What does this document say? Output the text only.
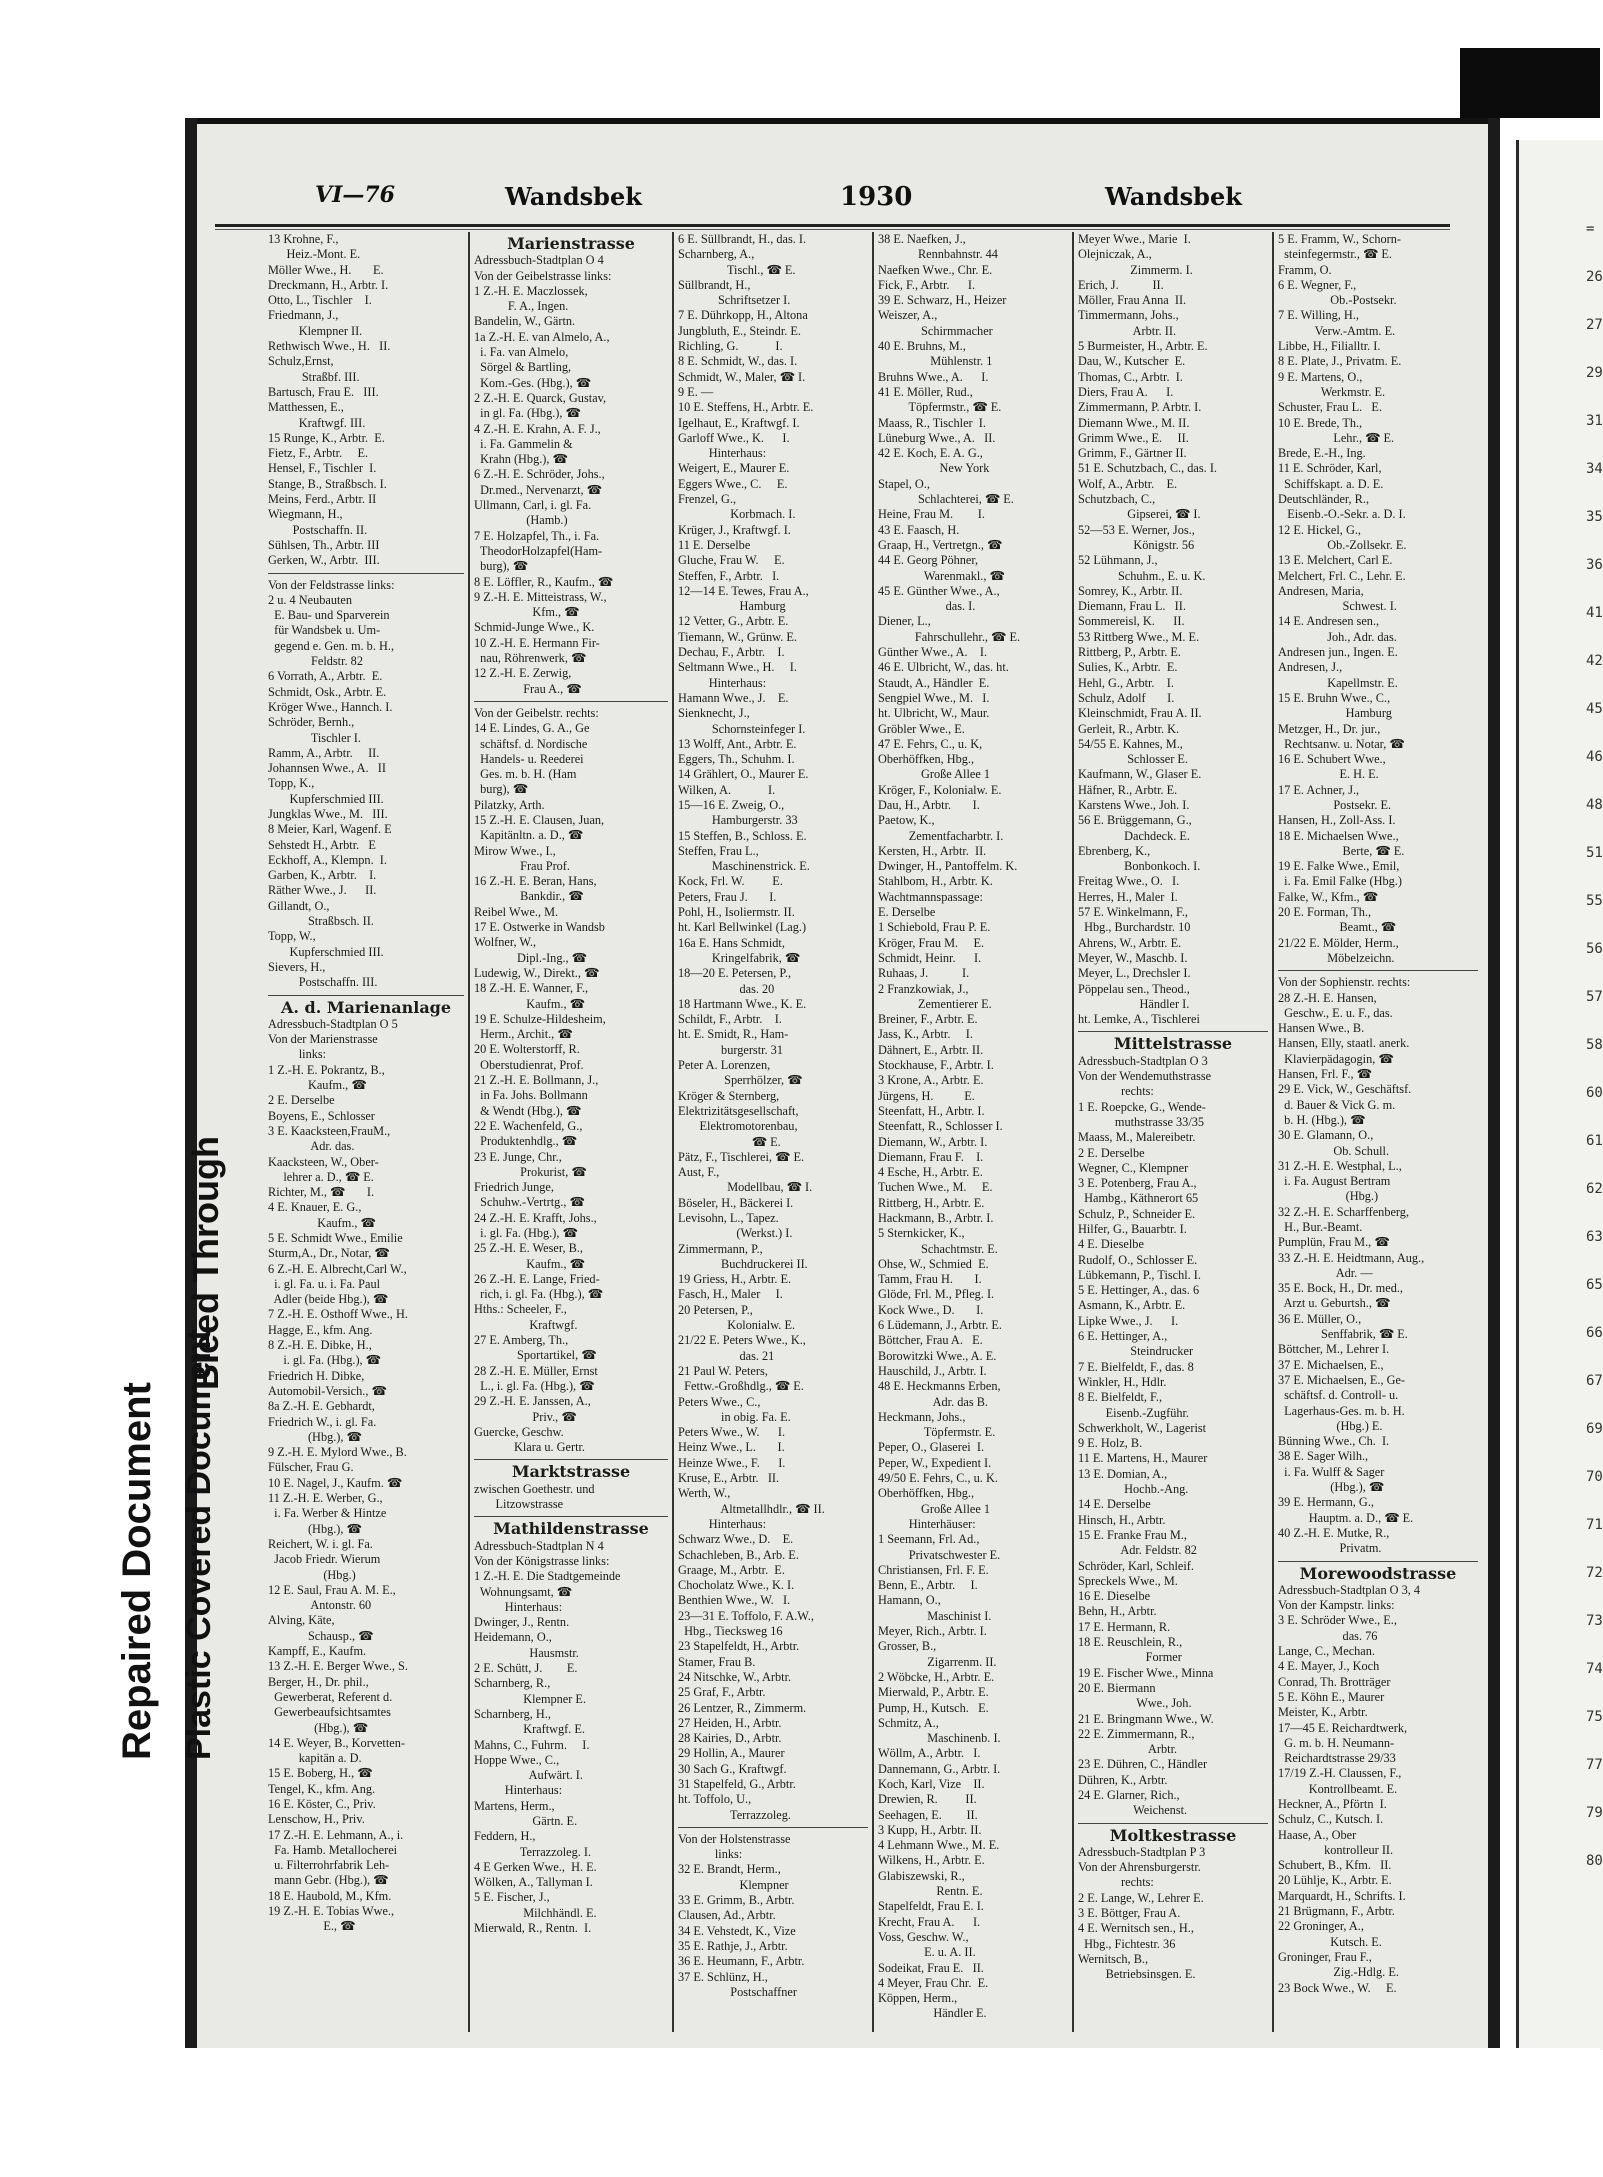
=
26
27
29
31
34
35
36
41
42
45
46
48
51
55
56
57
58
60
61
62
63
65
66
67
69
70
71
72
73
74
75
77
79
80
VI—76	Wandsbek	1930	Wandsbek
13 Krohne, F.,
Heiz.-Mont. E.
Möller Wwe., H.       E.
Dreckmann, H., Arbtr. I.
Otto, L., Tischler    I.
Friedmann, J.,
Klempner II.
Rethwisch Wwe., H.   II.
Schulz,Ernst,
Straßbf. III.
Bartusch, Frau E.   III.
Matthessen, E.,
Kraftwgf. III.
15 Runge, K., Arbtr.  E.
Fietz, F., Arbtr.     E.
Hensel, F., Tischler  I.
Stange, B., Straßbsch. I.
Meins, Ferd., Arbtr. II
Wiegmann, H.,
Postschaffn. II.
Sühlsen, Th., Arbtr. III
Gerken, W., Arbtr.  III.
Von der Feldstrasse links:
2 u. 4 Neubauten
E. Bau- und Sparverein
für Wandsbek u. Um-
gegend e. Gen. m. b. H.,
Feldstr. 82
6 Vorrath, A., Arbtr.  E.
Schmidt, Osk., Arbtr. E.
Kröger Wwe., Hannch. I.
Schröder, Bernh.,
Tischler I.
Ramm, A., Arbtr.     II.
Johannsen Wwe., A.   II
Topp, K.,
Kupferschmied III.
Jungklas Wwe., M.   III.
8 Meier, Karl, Wagenf. E
Sehstedt H., Arbtr.   E
Eckhoff, A., Klempn.  I.
Garben, K., Arbtr.    I.
Räther Wwe., J.      II.
Gillandt, O.,
Straßbsch. II.
Topp, W.,
Kupferschmied III.
Sievers, H.,
Postschaffn. III.
A. d. Marienanlage
Adressbuch-Stadtplan O 5
Von der Marienstrasse
links:
1 Z.-H. E. Pokrantz, B.,
Kaufm., ☎
2 E. Derselbe
Boyens, E., Schlosser
3 E. Kaacksteen,FrauM.,
Adr. das.
Kaacksteen, W., Ober-
lehrer a. D., ☎ E.
Richter, M., ☎       I.
4 E. Knauer, E. G.,
Kaufm., ☎
5 E. Schmidt Wwe., Emilie
Sturm,A., Dr., Notar, ☎
6 Z.-H. E. Albrecht,Carl W.,
i. gl. Fa. u. i. Fa. Paul
Adler (beide Hbg.), ☎
7 Z.-H. E. Osthoff Wwe., H.
Hagge, E., kfm. Ang.
8 Z.-H. E. Dibke, H.,
i. gl. Fa. (Hbg.), ☎
Friedrich H. Dibke,
Automobil-Versich., ☎
8a Z.-H. E. Gebhardt,
Friedrich W., i. gl. Fa.
(Hbg.), ☎
9 Z.-H. E. Mylord Wwe., B.
Fülscher, Frau G.
10 E. Nagel, J., Kaufm. ☎
11 Z.-H. E. Werber, G.,
i. Fa. Werber & Hintze
(Hbg.), ☎
Reichert, W. i. gl. Fa.
Jacob Friedr. Wierum
(Hbg.)
12 E. Saul, Frau A. M. E.,
Antonstr. 60
Alving, Käte,
Schausp., ☎
Kampff, E., Kaufm.
13 Z.-H. E. Berger Wwe., S.
Berger, H., Dr. phil.,
Gewerberat, Referent d.
Gewerbeaufsichtsamtes
(Hbg.), ☎
14 E. Weyer, B., Korvetten-
kapitän a. D.
15 E. Boberg, H., ☎
Tengel, K., kfm. Ang.
16 E. Köster, C., Priv.
Lenschow, H., Priv.
17 Z.-H. E. Lehmann, A., i.
Fa. Hamb. Metallocherei
u. Filterrohrfabrik Leh-
mann Gebr. (Hbg.), ☎
18 E. Haubold, M., Kfm.
19 Z.-H. E. Tobias Wwe.,
E., ☎
Marienstrasse
Adressbuch-Stadtplan O 4
Von der Geibelstrasse links:
1 Z.-H. E. Maczlossek,
F. A., Ingen.
Bandelin, W., Gärtn.
1a Z.-H. E. van Almelo, A.,
i. Fa. van Almelo,
Sörgel & Bartling,
Kom.-Ges. (Hbg.), ☎
2 Z.-H. E. Quarck, Gustav,
in gl. Fa. (Hbg.), ☎
4 Z.-H. E. Krahn, A. F. J.,
i. Fa. Gammelin &
Krahn (Hbg.), ☎
6 Z.-H. E. Schröder, Johs.,
Dr.med., Nervenarzt, ☎
Ullmann, Carl, i. gl. Fa.
(Hamb.)
7 E. Holzapfel, Th., i. Fa.
TheodorHolzapfel(Ham-
burg), ☎
8 E. Löffler, R., Kaufm., ☎
9 Z.-H. E. Mitteistrass, W.,
Kfm., ☎
Schmid-Junge Wwe., K.
10 Z.-H. E. Hermann Fir-
nau, Röhrenwerk, ☎
12 Z.-H. E. Zerwig,
Frau A., ☎
Von der Geibelstr. rechts:
14 E. Lindes, G. A., Ge
schäftsf. d. Nordische
Handels- u. Reederei
Ges. m. b. H. (Ham
burg), ☎
Pilatzky, Arth.
15 Z.-H. E. Clausen, Juan,
Kapitänltn. a. D., ☎
Mirow Wwe., I.,
Frau Prof.
16 Z.-H. E. Beran, Hans,
Bankdir., ☎
Reibel Wwe., M.
17 E. Ostwerke in Wandsb
Wolfner, W.,
Dipl.-Ing., ☎
Ludewig, W., Direkt., ☎
18 Z.-H. E. Wanner, F.,
Kaufm., ☎
19 E. Schulze-Hildesheim,
Herm., Archit., ☎
20 E. Wolterstorff, R.
Oberstudienrat, Prof.
21 Z.-H. E. Bollmann, J.,
in Fa. Johs. Bollmann
& Wendt (Hbg.), ☎
22 E. Wachenfeld, G.,
Produktenhdlg., ☎
23 E. Junge, Chr.,
Prokurist, ☎
Friedrich Junge,
Schuhw.-Vertrtg., ☎
24 Z.-H. E. Krafft, Johs.,
i. gl. Fa. (Hbg.), ☎
25 Z.-H. E. Weser, B.,
Kaufm., ☎
26 Z.-H. E. Lange, Fried-
rich, i. gl. Fa. (Hbg.), ☎
Hths.: Scheeler, F.,
Kraftwgf.
27 E. Amberg, Th.,
Sportartikel, ☎
28 Z.-H. E. Müller, Ernst
L., i. gl. Fa. (Hbg.), ☎
29 Z.-H. E. Janssen, A.,
Priv., ☎
Guercke, Geschw.
Klara u. Gertr.
Marktstrasse
zwischen Goethestr. und
Litzowstrasse
Mathildenstrasse
Adressbuch-Stadtplan N 4
Von der Königstrasse links:
1 Z.-H. E. Die Stadtgemeinde
Wohnungsamt, ☎
Hinterhaus:
Dwinger, J., Rentn.
Heidemann, O.,
Hausmstr.
2 E. Schütt, J.        E.
Scharnberg, R.,
Klempner E.
Scharnberg, H.,
Kraftwgf. E.
Mahns, C., Fuhrm.     I.
Hoppe Wwe., C.,
Aufwärt. I.
Hinterhaus:
Martens, Herm.,
Gärtn. E.
Feddern, H.,
Terrazzoleg. I.
4 E Gerken Wwe.,  H. E.
Wölken, A., Tallyman I.
5 E. Fischer, J.,
Milchhändl. E.
Mierwald, R., Rentn.  I.
6 E. Süllbrandt, H., das. I.
Scharnberg, A.,
Tischl., ☎ E.
Süllbrandt, H.,
Schriftsetzer I.
7 E. Dührkopp, H., Altona
Jungbluth, E., Steindr. E.
Richling, G.            I.
8 E. Schmidt, W., das. I.
Schmidt, W., Maler, ☎ I.
9 E. —
10 E. Steffens, H., Arbtr. E.
Igelhaut, E., Kraftwgf. I.
Garloff Wwe., K.      I.
Hinterhaus:
Weigert, E., Maurer E.
Eggers Wwe., C.     E.
Frenzel, G.,
Korbmach. I.
Krüger, J., Kraftwgf. I.
11 E. Derselbe
Gluche, Frau W.     E.
Steffen, F., Arbtr.   I.
12—14 E. Tewes, Frau A.,
Hamburg
12 Vetter, G., Arbtr. E.
Tiemann, W., Grünw. E.
Dechau, F., Arbtr.    I.
Seltmann Wwe., H.     I.
Hinterhaus:
Hamann Wwe., J.    E.
Sienknecht, J.,
Schornsteinfeger I.
13 Wolff, Ant., Arbtr. E.
Eggers, Th., Schuhm. I.
14 Grählert, O., Maurer E.
Wilken, A.            I.
15—16 E. Zweig, O.,
Hamburgerstr. 33
15 Steffen, B., Schloss. E.
Steffen, Frau L.,
Maschinenstrick. E.
Kock, Frl. W.         E.
Peters, Frau J.       I.
Pohl, H., Isoliermstr. II.
ht. Karl Bellwinkel (Lag.)
16a E. Hans Schmidt,
Kringelfabrik, ☎
18—20 E. Petersen, P.,
das. 20
18 Hartmann Wwe., K. E.
Schildt, F., Arbtr.    I.
ht. E. Smidt, R., Ham-
burgerstr. 31
Peter A. Lorenzen,
Sperrhölzer, ☎
Kröger & Sternberg,
Elektrizitätsgesellschaft,
Elektromotorenbau,
☎ E.
Pätz, F., Tischlerei, ☎ E.
Aust, F.,
Modellbau, ☎ I.
Böseler, H., Bäckerei I.
Levisohn, L., Tapez.
(Werkst.) I.
Zimmermann, P.,
Buchdruckerei II.
19 Griess, H., Arbtr. E.
Fasch, H., Maler     I.
20 Petersen, P.,
Kolonialw. E.
21/22 E. Peters Wwe., K.,
das. 21
21 Paul W. Peters,
Fettw.-Großhdlg., ☎ E.
Peters Wwe., C.,
in obig. Fa. E.
Peters Wwe., W.      I.
Heinz Wwe., L.       I.
Heinze Wwe., F.      I.
Kruse, E., Arbtr.   II.
Werth, W.,
Altmetallhdlr., ☎ II.
Hinterhaus:
Schwarz Wwe., D.    E.
Schachleben, B., Arb. E.
Graage, M., Arbtr.  E.
Chocholatz Wwe., K. I.
Benthien Wwe., W.   I.
23—31 E. Toffolo, F. A.W.,
Hbg., Tiecksweg 16
23 Stapelfeldt, H., Arbtr.
Stamer, Frau B.
24 Nitschke, W., Arbtr.
25 Graf, F., Arbtr.
26 Lentzer, R., Zimmerm.
27 Heiden, H., Arbtr.
28 Kairies, D., Arbtr.
29 Hollin, A., Maurer
30 Sach G., Kraftwgf.
31 Stapelfeld, G., Arbtr.
ht. Toffolo, U.,
Terrazzoleg.
Von der Holstenstrasse
links:
32 E. Brandt, Herm.,
Klempner
33 E. Grimm, B., Arbtr.
Clausen, Ad., Arbtr.
34 E. Vehstedt, K., Vize
35 E. Rathje, J., Arbtr.
36 E. Heumann, F., Arbtr.
37 E. Schlünz, H.,
Postschaffner
38 E. Naefken, J.,
Rennbahnstr. 44
Naefken Wwe., Chr. E.
Fick, F., Arbtr.      I.
39 E. Schwarz, H., Heizer
Weiszer, A.,
Schirmmacher
40 E. Bruhns, M.,
Mühlenstr. 1
Bruhns Wwe., A.      I.
41 E. Möller, Rud.,
Töpfermstr., ☎ E.
Maass, R., Tischler  I.
Lüneburg Wwe., A.   II.
42 E. Koch, E. A. G.,
New York
Stapel, O.,
Schlachterei, ☎ E.
Heine, Frau M.        I.
43 E. Faasch, H.
Graap, H., Vertretgn., ☎
44 E. Georg Pöhner,
Warenmakl., ☎
45 E. Günther Wwe., A.,
das. I.
Diener, L.,
Fahrschullehr., ☎ E.
Günther Wwe., A.    I.
46 E. Ulbricht, W., das. ht.
Staudt, A., Händler  E.
Sengpiel Wwe., M.   I.
ht. Ulbricht, W., Maur.
Gröbler Wwe., E.
47 E. Fehrs, C., u. K,
Oberhöffken, Hbg.,
Große Allee 1
Kröger, F., Kolonialw. E.
Dau, H., Arbtr.       I.
Paetow, K.,
Zementfacharbtr. I.
Kersten, H., Arbtr.  II.
Dwinger, H., Pantoffelm. K.
Stahlbom, H., Arbtr. K.
Wachtmannspassage:
E. Derselbe
1 Schiebold, Frau P. E.
Kröger, Frau M.     E.
Schmidt, Heinr.      I.
Ruhaas, J.           I.
2 Franzkowiak, J.,
Zementierer E.
Breiner, F., Arbtr. E.
Jass, K., Arbtr.     I.
Dähnert, E., Arbtr. II.
Stockhause, F., Arbtr. I.
3 Krone, A., Arbtr. E.
Jürgens, H.          E.
Steenfatt, H., Arbtr. I.
Steenfatt, R., Schlosser I.
Diemann, W., Arbtr. I.
Diemann, Frau F.    I.
4 Esche, H., Arbtr. E.
Tuchen Wwe., M.     E.
Rittberg, H., Arbtr. E.
Hackmann, B., Arbtr. I.
5 Sternkicker, K.,
Schachtmstr. E.
Ohse, W., Schmied  E.
Tamm, Frau H.       I.
Glöde, Frl. M., Pfleg. I.
Kock Wwe., D.       I.
6 Lüdemann, J., Arbtr. E.
Böttcher, Frau A.   E.
Borowitzki Wwe., A. E.
Hauschild, J., Arbtr. I.
48 E. Heckmanns Erben,
Adr. das B.
Heckmann, Johs.,
Töpfermstr. E.
Peper, O., Glaserei  I.
Peper, W., Expedient I.
49/50 E. Fehrs, C., u. K.
Oberhöffken, Hbg.,
Große Allee 1
Hinterhäuser:
1 Seemann, Frl. Ad.,
Privatschwester E.
Christiansen, Frl. F. E.
Benn, E., Arbtr.     I.
Hamann, O.,
Maschinist I.
Meyer, Rich., Arbtr. I.
Grosser, B.,
Zigarrenm. II.
2 Wöbcke, H., Arbtr. E.
Mierwald, P., Arbtr. E.
Pump, H., Kutsch.   E.
Schmitz, A.,
Maschinenb. I.
Wöllm, A., Arbtr.   I.
Dannemann, G., Arbtr. I.
Koch, Karl, Vize    II.
Drewien, R.         II.
Seehagen, E.        II.
3 Kupp, H., Arbtr. II.
4 Lehmann Wwe., M. E.
Wilkens, H., Arbtr. E.
Glabiszewski, R.,
Rentn. E.
Stapelfeldt, Frau E. I.
Krecht, Frau A.      I.
Voss, Geschw. W.,
E. u. A. II.
Sodeikat, Frau E.   II.
4 Meyer, Frau Chr.  E.
Köppen, Herm.,
Händler E.
Meyer Wwe., Marie  I.
Olejniczak, A.,
Zimmerm. I.
Erich, J.           II.
Möller, Frau Anna  II.
Timmermann, Johs.,
Arbtr. II.
5 Burmeister, H., Arbtr. E.
Dau, W., Kutscher  E.
Thomas, C., Arbtr.  I.
Diers, Frau A.      I.
Zimmermann, P. Arbtr. I.
Diemann Wwe., M. II.
Grimm Wwe., E.     II.
Grimm, F., Gärtner II.
51 E. Schutzbach, C., das. I.
Wolf, A., Arbtr.    E.
Schutzbach, C.,
Gipserei, ☎ I.
52—53 E. Werner, Jos.,
Königstr. 56
52 Lühmann, J.,
Schuhm., E. u. K.
Somrey, K., Arbtr. II.
Diemann, Frau L.   II.
Sommereisl, K.      II.
53 Rittberg Wwe., M. E.
Rittberg, P., Arbtr. E.
Sulies, K., Arbtr.  E.
Hehl, G., Arbtr.    I.
Schulz, Adolf       I.
Kleinschmidt, Frau A. II.
Gerleit, R., Arbtr. K.
54/55 E. Kahnes, M.,
Schlosser E.
Kaufmann, W., Glaser E.
Häfner, R., Arbtr. E.
Karstens Wwe., Joh. I.
56 E. Brüggemann, G.,
Dachdeck. E.
Ebrenberg, K.,
Bonbonkoch. I.
Freitag Wwe., O.   I.
Herres, H., Maler  I.
57 E. Winkelmann, F.,
Hbg., Burchardstr. 10
Ahrens, W., Arbtr. E.
Meyer, W., Maschb. I.
Meyer, L., Drechsler I.
Pöppelau sen., Theod.,
Händler I.
ht. Lemke, A., Tischlerei
Mittelstrasse
Adressbuch-Stadtplan O 3
Von der Wendemuthstrasse
rechts:
1 E. Roepcke, G., Wende-
muthstrasse 33/35
Maass, M., Malereibetr.
2 E. Derselbe
Wegner, C., Klempner
3 E. Potenberg, Frau A.,
Hambg., Käthnerort 65
Schulz, P., Schneider E.
Hilfer, G., Bauarbtr. I.
4 E. Dieselbe
Rudolf, O., Schlosser E.
Lübkemann, P., Tischl. I.
5 E. Hettinger, A., das. 6
Asmann, K., Arbtr. E.
Lipke Wwe., J.      I.
6 E. Hettinger, A.,
Steindrucker
7 E. Bielfeldt, F., das. 8
Winkler, H., Hdlr.
8 E. Bielfeldt, F.,
Eisenb.-Zugführ.
Schwerkholt, W., Lagerist
9 E. Holz, B.
11 E. Martens, H., Maurer
13 E. Domian, A.,
Hochb.-Ang.
14 E. Derselbe
Hinsch, H., Arbtr.
15 E. Franke Frau M.,
Adr. Feldstr. 82
Schröder, Karl, Schleif.
Spreckels Wwe., M.
16 E. Dieselbe
Behn, H., Arbtr.
17 E. Hermann, R.
18 E. Reuschlein, R.,
Former
19 E. Fischer Wwe., Minna
20 E. Biermann
Wwe., Joh.
21 E. Bringmann Wwe., W.
22 E. Zimmermann, R.,
Arbtr.
23 E. Dühren, C., Händler
Dühren, K., Arbtr.
24 E. Glarner, Rich.,
Weichenst.
Moltkestrasse
Adressbuch-Stadtplan P 3
Von der Ahrensburgerstr.
rechts:
2 E. Lange, W., Lehrer E.
3 E. Böttger, Frau A.
4 E. Wernitsch sen., H.,
Hbg., Fichtestr. 36
Wernitsch, B.,
Betriebsinsgen. E.
5 E. Framm, W., Schorn-
steinfegermstr., ☎ E.
Framm, O.
6 E. Wegner, F.,
Ob.-Postsekr.
7 E. Willing, H.,
Verw.-Amtm. E.
Libbe, H., Filialltr. I.
8 E. Plate, J., Privatm. E.
9 E. Martens, O.,
Werkmstr. E.
Schuster, Frau L.   E.
10 E. Brede, Th.,
Lehr., ☎ E.
Brede, E.-H., Ing.
11 E. Schröder, Karl,
Schiffskapt. a. D. E.
Deutschländer, R.,
Eisenb.-O.-Sekr. a. D. I.
12 E. Hickel, G.,
Ob.-Zollsekr. E.
13 E. Melchert, Carl E.
Melchert, Frl. C., Lehr. E.
Andresen, Maria,
Schwest. I.
14 E. Andresen sen.,
Joh., Adr. das.
Andresen jun., Ingen. E.
Andresen, J.,
Kapellmstr. E.
15 E. Bruhn Wwe., C.,
Hamburg
Metzger, H., Dr. jur.,
Rechtsanw. u. Notar, ☎
16 E. Schubert Wwe.,
E. H. E.
17 E. Achner, J.,
Postsekr. E.
Hansen, H., Zoll-Ass. I.
18 E. Michaelsen Wwe.,
Berte, ☎ E.
19 E. Falke Wwe., Emil,
i. Fa. Emil Falke (Hbg.)
Falke, W., Kfm., ☎
20 E. Forman, Th.,
Beamt., ☎
21/22 E. Mölder, Herm.,
Möbelzeichn.
Von der Sophienstr. rechts:
28 Z.-H. E. Hansen,
Geschw., E. u. F., das.
Hansen Wwe., B.
Hansen, Elly, staatl. anerk.
Klavierpädagogin, ☎
Hansen, Frl. F., ☎
29 E. Vick, W., Geschäftsf.
d. Bauer & Vick G. m.
b. H. (Hbg.), ☎
30 E. Glamann, O.,
Ob. Schull.
31 Z.-H. E. Westphal, L.,
i. Fa. August Bertram
(Hbg.)
32 Z.-H. E. Scharffenberg,
H., Bur.-Beamt.
Pumplün, Frau M., ☎
33 Z.-H. E. Heidtmann, Aug.,
Adr. —
35 E. Bock, H., Dr. med.,
Arzt u. Geburtsh., ☎
36 E. Müller, O.,
Senffabrik, ☎ E.
Böttcher, M., Lehrer I.
37 E. Michaelsen, E.,
37 E. Michaelsen, E., Ge-
schäftsf. d. Controll- u.
Lagerhaus-Ges. m. b. H.
(Hbg.) E.
Bünning Wwe., Ch.  I.
38 E. Sager Wilh.,
i. Fa. Wulff & Sager
(Hbg.), ☎
39 E. Hermann, G.,
Hauptm. a. D., ☎ E.
40 Z.-H. E. Mutke, R.,
Privatm.
Morewoodstrasse
Adressbuch-Stadtplan O 3, 4
Von der Kampstr. links:
3 E. Schröder Wwe., E.,
das. 76
Lange, C., Mechan.
4 E. Mayer, J., Koch
Conrad, Th. Brotträger
5 E. Köhn E., Maurer
Meister, K., Arbtr.
17—45 E. Reichardtwerk,
G. m. b. H. Neumann-
Reichardtstrasse 29/33
17/19 Z.-H. Claussen, F.,
Kontrollbeamt. E.
Heckner, A., Pförtn  I.
Schulz, C., Kutsch. I.
Haase, A., Ober
kontrolleur II.
Schubert, B., Kfm.   II.
20 Lühlje, K., Arbtr. E.
Marquardt, H., Schrifts. I.
21 Brügmann, F., Arbtr.
22 Groninger, A.,
Kutsch. E.
Groninger, Frau F.,
Zig.-Hdlg. E.
23 Bock Wwe., W.     E.
Bleed Through
Repaired Document Plastic Covered Document
